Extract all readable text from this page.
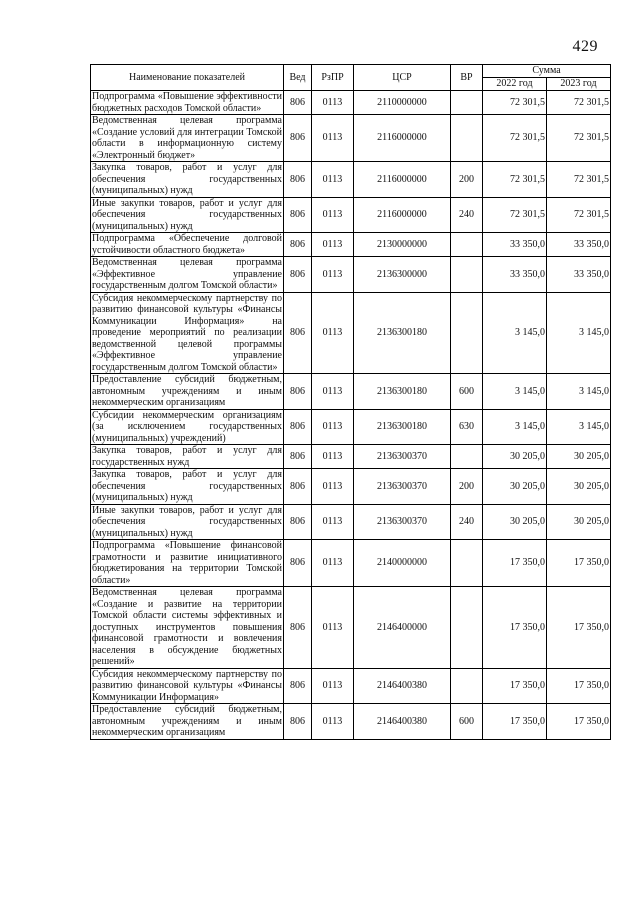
429
Наименование показателей	Вед	РзПР	ЦСР	ВР	Сумма	
					2022 год	2023 год
Подпрограмма «Повышение эффективности бюджетных расходов Томской области»	806	0113	2110000000		72 301,5	72 301,5
Ведомственная целевая программа «Создание условий для интеграции Томской области в информационную систему «Электронный бюджет»	806	0113	2116000000		72 301,5	72 301,5
Закупка товаров, работ и услуг для обеспечения государственных (муниципальных) нужд	806	0113	2116000000	200	72 301,5	72 301,5
Иные закупки товаров, работ и услуг для обеспечения государственных (муниципальных) нужд	806	0113	2116000000	240	72 301,5	72 301,5
Подпрограмма «Обеспечение долговой устойчивости областного бюджета»	806	0113	2130000000		33 350,0	33 350,0
Ведомственная целевая программа «Эффективное управление государственным долгом Томской области»	806	0113	2136300000		33 350,0	33 350,0
Субсидия некоммерческому партнерству по развитию финансовой культуры «Финансы Коммуникации Информация» на проведение мероприятий по реализации ведомственной целевой программы «Эффективное управление государственным долгом Томской области»	806	0113	2136300180		3 145,0	3 145,0
Предоставление субсидий бюджетным, автономным учреждениям и иным некоммерческим организациям	806	0113	2136300180	600	3 145,0	3 145,0
Субсидии некоммерческим организациям (за исключением государственных (муниципальных) учреждений)	806	0113	2136300180	630	3 145,0	3 145,0
Закупка товаров, работ и услуг для государственных нужд	806	0113	2136300370		30 205,0	30 205,0
Закупка товаров, работ и услуг для обеспечения государственных (муниципальных) нужд	806	0113	2136300370	200	30 205,0	30 205,0
Иные закупки товаров, работ и услуг для обеспечения государственных (муниципальных) нужд	806	0113	2136300370	240	30 205,0	30 205,0
Подпрограмма «Повышение финансовой грамотности и развитие инициативного бюджетирования на территории Томской области»	806	0113	2140000000		17 350,0	17 350,0
Ведомственная целевая программа «Создание и развитие на территории Томской области системы эффективных и доступных инструментов повышения финансовой грамотности и вовлечения населения в обсуждение бюджетных решений»	806	0113	2146400000		17 350,0	17 350,0
Субсидия некоммерческому партнерству по развитию финансовой культуры «Финансы Коммуникации Информация»	806	0113	2146400380		17 350,0	17 350,0
Предоставление субсидий бюджетным, автономным учреждениям и иным некоммерческим организациям	806	0113	2146400380	600	17 350,0	17 350,0
